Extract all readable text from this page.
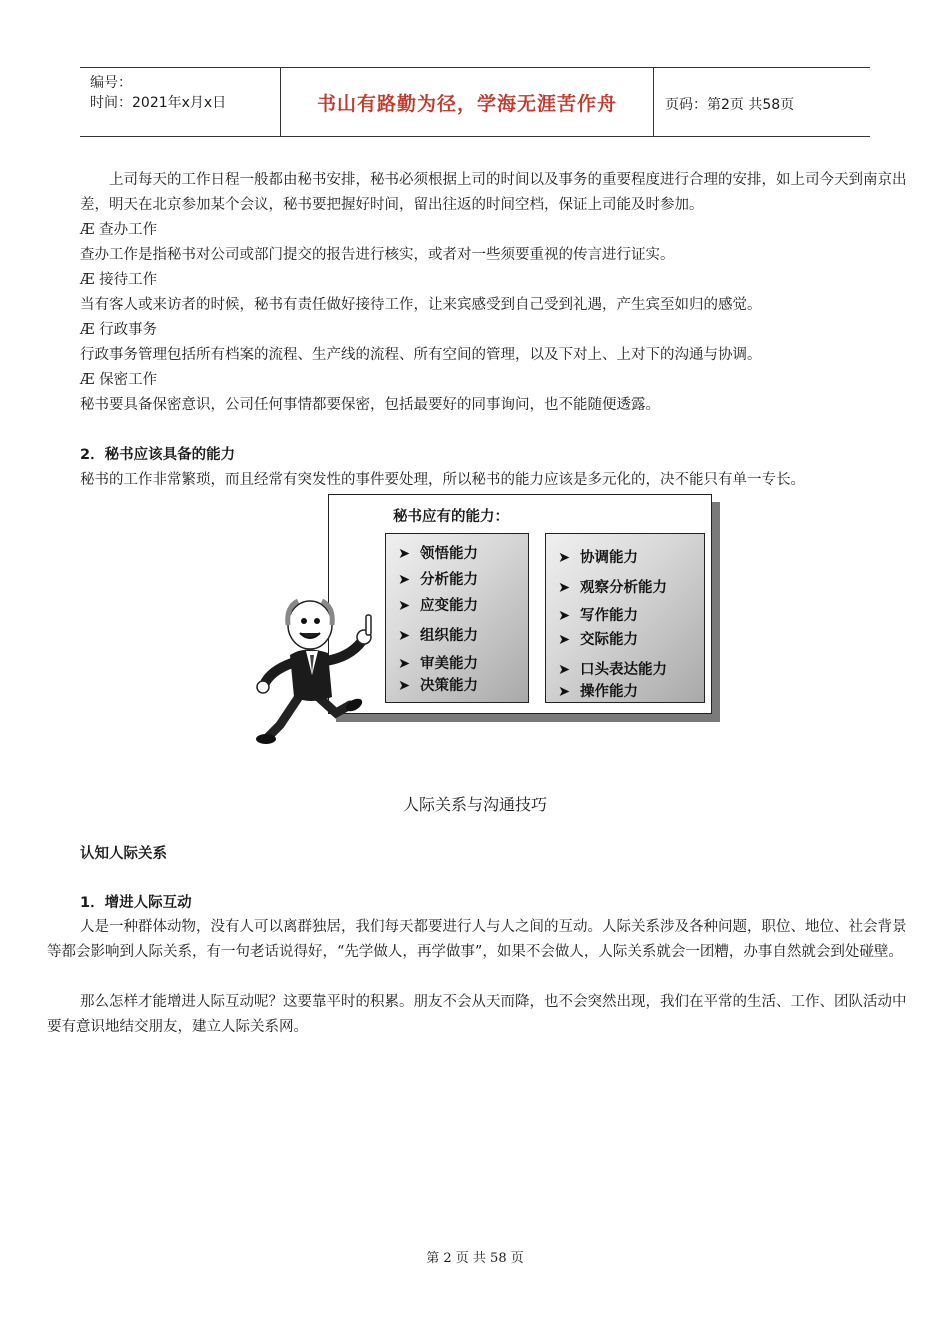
编号：
时间：2021年x月x日	书山有路勤为径，学海无涯苦作舟	页码：第2页 共58页

上司每天的工作日程一般都由秘书安排，秘书必须根据上司的时间以及事务的重要程度进行合理的安排，如上司今天到南京出差，明天在北京参加某个会议，秘书要把握好时间，留出往返的时间空档，保证上司能及时参加。

Æ 查办工作

查办工作是指秘书对公司或部门提交的报告进行核实，或者对一些须要重视的传言进行证实。

Æ 接待工作

当有客人或来访者的时候，秘书有责任做好接待工作，让来宾感受到自己受到礼遇，产生宾至如归的感觉。

Æ 行政事务

行政事务管理包括所有档案的流程、生产线的流程、所有空间的管理，以及下对上、上对下的沟通与协调。

Æ 保密工作

秘书要具备保密意识，公司任何事情都要保密，包括最要好的同事询问，也不能随便透露。

2．秘书应该具备的能力

秘书的工作非常繁琐，而且经常有突发性的事件要处理，所以秘书的能力应该是多元化的，决不能只有单一专长。

秘书应有的能力：
➤ 领悟能力
➤ 分析能力
➤ 应变能力
➤ 组织能力
➤ 审美能力
➤ 决策能力
➤ 协调能力
➤ 观察分析能力
➤ 写作能力
➤ 交际能力
➤ 口头表达能力
➤ 操作能力
人际关系与沟通技巧

认知人际关系

1．增进人际互动

人是一种群体动物，没有人可以离群独居，我们每天都要进行人与人之间的互动。人际关系涉及各种问题，职位、地位、社会背景等都会影响到人际关系，有一句老话说得好，“先学做人，再学做事”，如果不会做人，人际关系就会一团糟，办事自然就会到处碰壁。

那么怎样才能增进人际互动呢？这要靠平时的积累。朋友不会从天而降，也不会突然出现，我们在平常的生活、工作、团队活动中要有意识地结交朋友，建立人际关系网。

第 2 页 共 58 页
